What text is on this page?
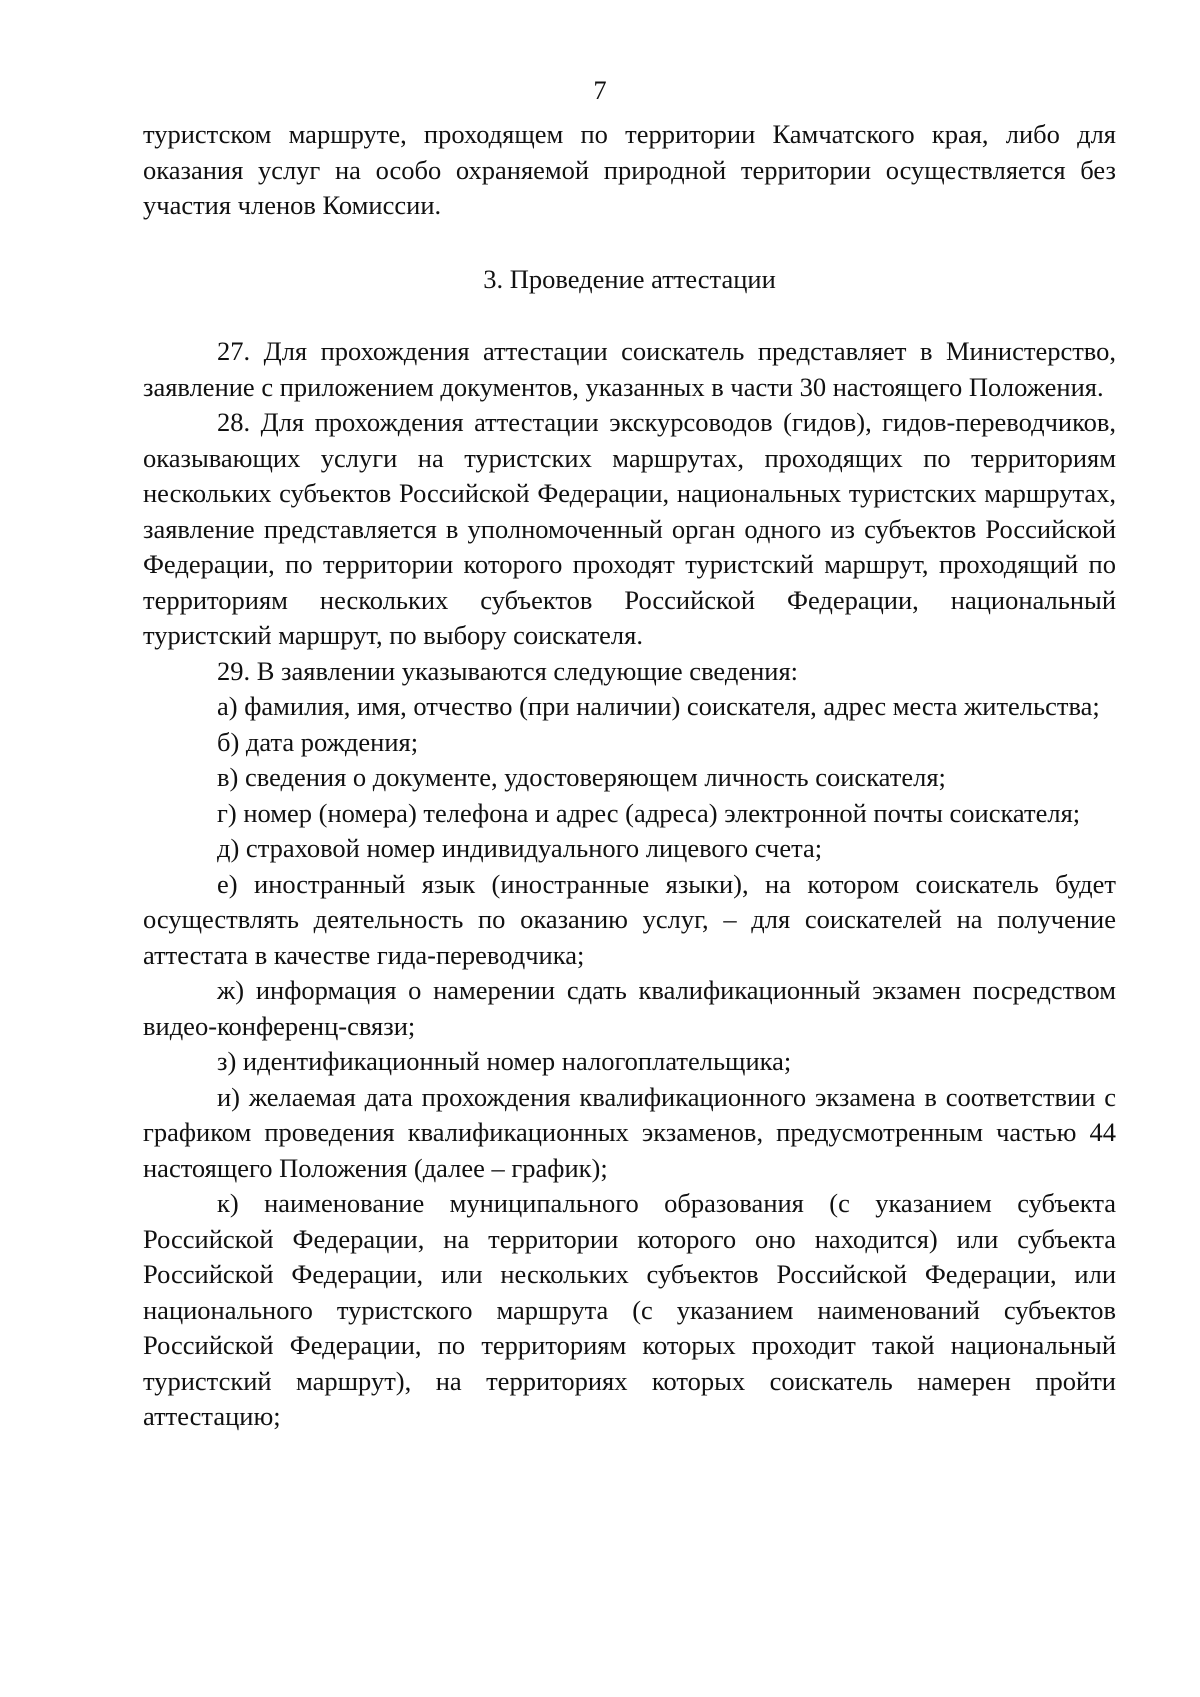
7

туристском маршруте, проходящем по территории Камчатского края, либо для оказания услуг на особо охраняемой природной территории осуществляется без участия членов Комиссии.

3. Проведение аттестации

27. Для прохождения аттестации соискатель представляет в Министерство, заявление с приложением документов, указанных в части 30 настоящего Положения.

28. Для прохождения аттестации экскурсоводов (гидов), гидов-переводчиков, оказывающих услуги на туристских маршрутах, проходящих по территориям нескольких субъектов Российской Федерации, национальных туристских маршрутах, заявление представляется в уполномоченный орган одного из субъектов Российской Федерации, по территории которого проходят туристский маршрут, проходящий по территориям нескольких субъектов Российской Федерации, национальный туристский маршрут, по выбору соискателя.

29. В заявлении указываются следующие сведения:

а) фамилия, имя, отчество (при наличии) соискателя, адрес места жительства;

б) дата рождения;

в) сведения о документе, удостоверяющем личность соискателя;

г) номер (номера) телефона и адрес (адреса) электронной почты соискателя;

д) страховой номер индивидуального лицевого счета;

е) иностранный язык (иностранные языки), на котором соискатель будет осуществлять деятельность по оказанию услуг, – для соискателей на получение аттестата в качестве гида-переводчика;

ж) информация о намерении сдать квалификационный экзамен посредством видео-конференц-связи;

з) идентификационный номер налогоплательщика;

и) желаемая дата прохождения квалификационного экзамена в соответствии с графиком проведения квалификационных экзаменов, предусмотренным частью 44 настоящего Положения (далее – график);

к) наименование муниципального образования (с указанием субъекта Российской Федерации, на территории которого оно находится) или субъекта Российской Федерации, или нескольких субъектов Российской Федерации, или национального туристского маршрута (с указанием наименований субъектов Российской Федерации, по территориям которых проходит такой национальный туристский маршрут), на территориях которых соискатель намерен пройти аттестацию;
